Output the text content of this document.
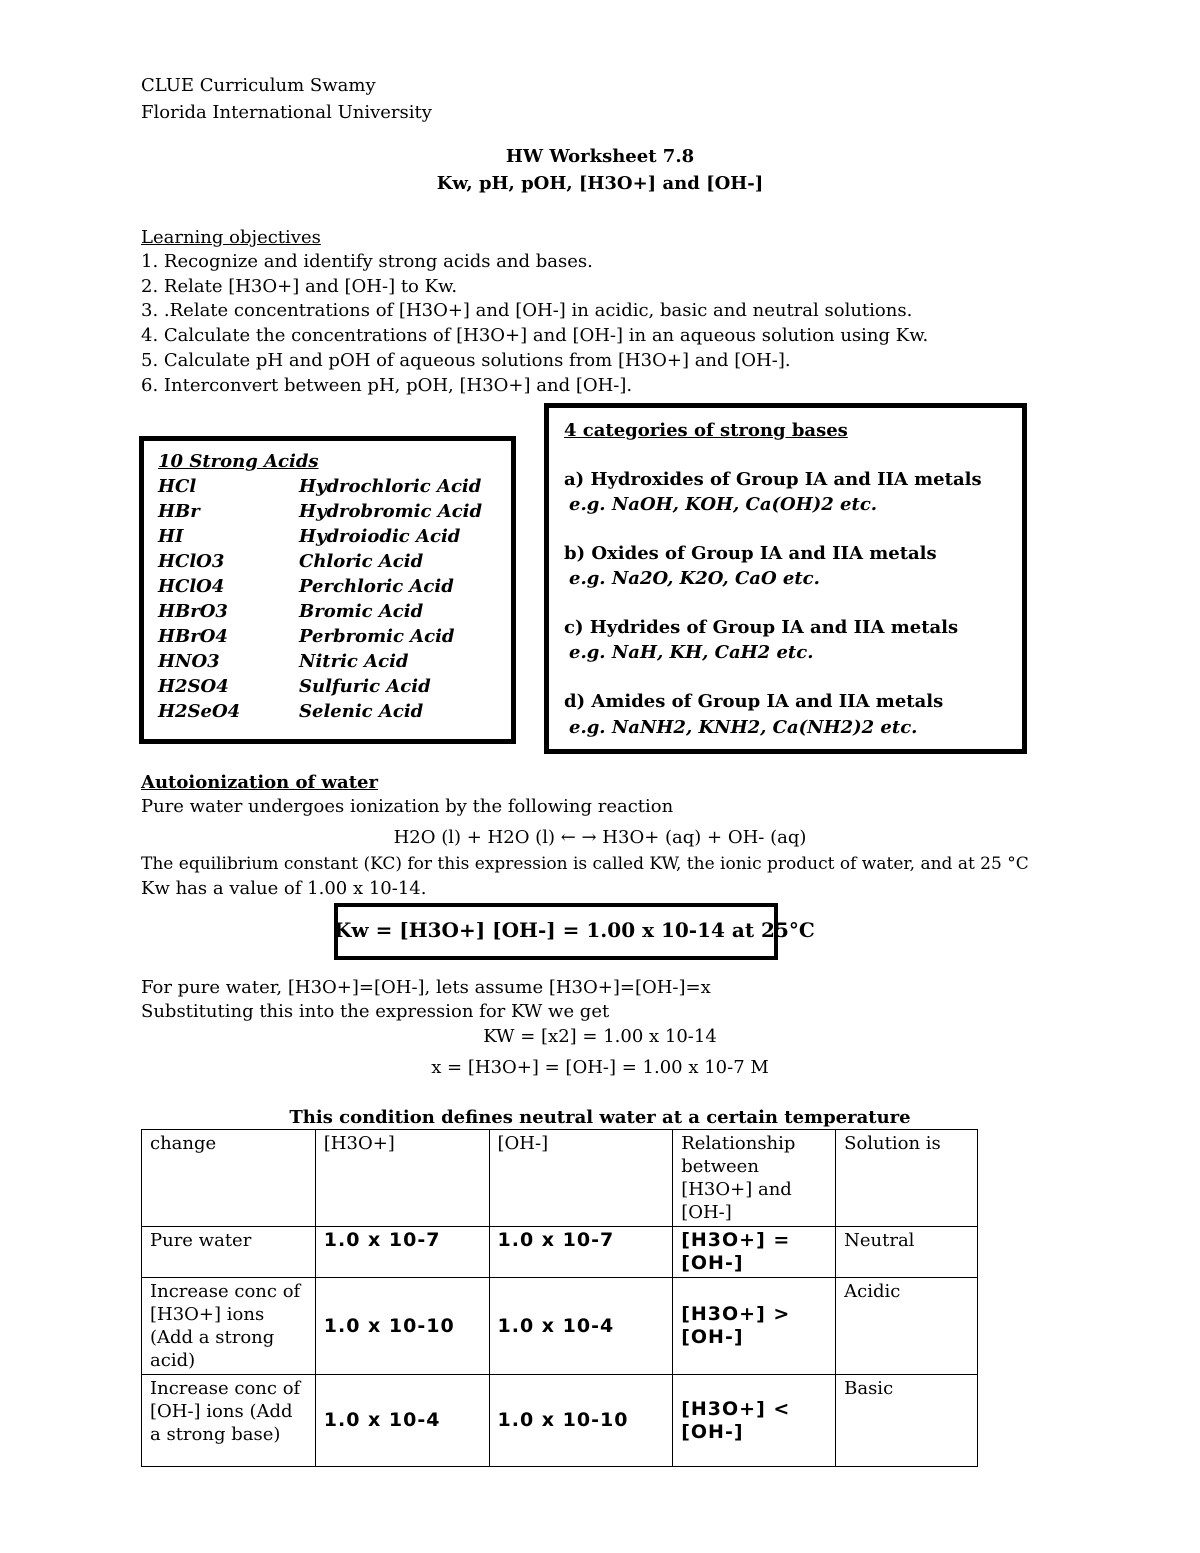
CLUE Curriculum Swamy
Florida International University
HW Worksheet 7.8
Kw, pH, pOH, [H3O+] and [OH-]
Learning objectives
1. Recognize and identify strong acids and bases.
2. Relate [H3O+] and [OH-] to Kw.
3. .Relate concentrations of [H3O+] and [OH-] in acidic, basic and neutral solutions.
4. Calculate the concentrations of [H3O+] and [OH-] in an aqueous solution using Kw.
5. Calculate pH and pOH of aqueous solutions from [H3O+] and [OH-].
6. Interconvert between pH, pOH, [H3O+] and [OH-].
10 Strong Acids
HCl	Hydrochloric Acid
HBr	Hydrobromic Acid
HI	Hydroiodic Acid
HClO3	Chloric Acid
HClO4	Perchloric Acid
HBrO3	Bromic Acid
HBrO4	Perbromic Acid
HNO3	Nitric Acid
H2SO4	Sulfuric Acid
H2SeO4	Selenic Acid
4 categories of strong bases
a) Hydroxides of Group IA and IIA metals
e.g. NaOH, KOH, Ca(OH)2 etc.
b) Oxides of Group IA and IIA metals
e.g. Na2O, K2O, CaO etc.
c) Hydrides of Group IA and IIA metals
e.g. NaH, KH, CaH2 etc.
d) Amides of Group IA and IIA metals
e.g. NaNH2, KNH2, Ca(NH2)2 etc.
Autoionization of water
Pure water undergoes ionization by the following reaction
H2O (l) + H2O (l) ← → H3O+ (aq) + OH- (aq)
The equilibrium constant (KC) for this expression is called KW, the ionic product of water, and at 25 °C
Kw has a value of 1.00 x 10-14.
Kw = [H3O+] [OH-] = 1.00 x 10-14 at 25°C
For pure water, [H3O+]=[OH-], lets assume [H3O+]=[OH-]=x
Substituting this into the expression for KW we get
KW = [x2] = 1.00 x 10-14
x = [H3O+] = [OH-] = 1.00 x 10-7 M
This condition defines neutral water at a certain temperature
change	[H3O+]	[OH-]	Relationship between [H3O+] and [OH-]	Solution is
Pure water	1.0 x 10-7	1.0 x 10-7	[H3O+] = [OH-]	Neutral
Increase conc of [H3O+] ions (Add a strong acid)	1.0 x 10-10	1.0 x 10-4	[H3O+] > [OH-]	Acidic
Increase conc of [OH-] ions (Add a strong base)	1.0 x 10-4	1.0 x 10-10	[H3O+] < [OH-]	Basic
